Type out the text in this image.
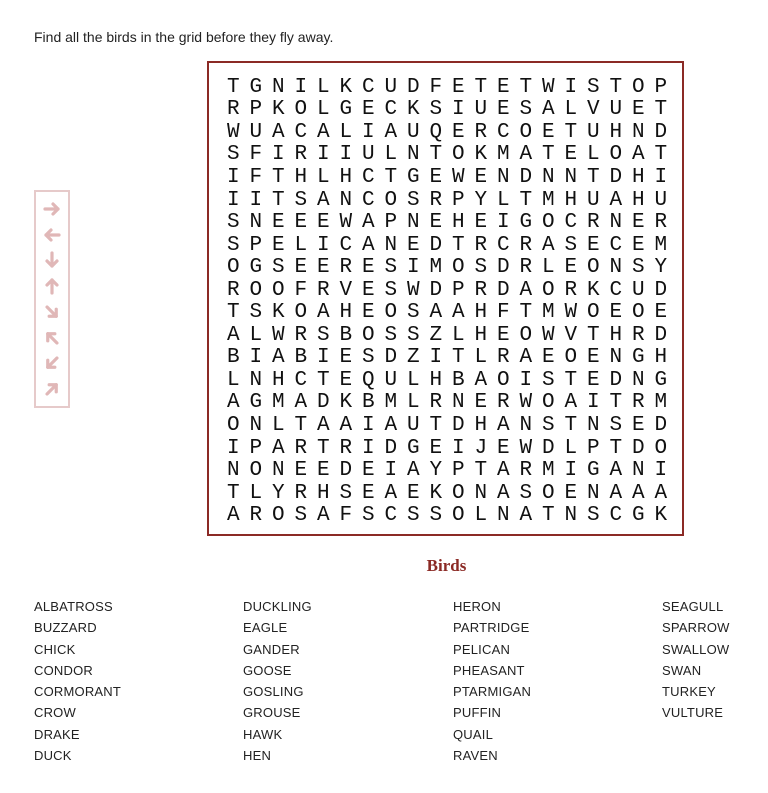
Find all the birds in the grid before they fly away.
T G N I L K C U D F E T E T W I S T O P
R P K O L G E C K S I U E S A L V U E T
W U A C A L I A U Q E R C O E T U H N D
S F I R I I U L N T O K M A T E L O A T
I F T H L H C T G E W E N D N N T D H I
I I T S A N C O S R P Y L T M H U A H U
S N E E E W A P N E H E I G O C R N E R
S P E L I C A N E D T R C R A S E C E M
O G S E E R E S I M O S D R L E O N S Y
R O O F R V E S W D P R D A O R K C U D
T S K O A H E O S A A H F T M W O E O E
A L W R S B O S S Z L H E O W V T H R D
B I A B I E S D Z I T L R A E O E N G H
L N H C T E Q U L H B A O I S T E D N G
A G M A D K B M L R N E R W O A I T R M
O N L T A A I A U T D H A N S T N S E D
I P A R T R I D G E I J E W D L P T D O
N O N E E D E I A Y P T A R M I G A N I
T L Y R H S E A E K O N A S O E N A A A
A R O S A F S C S S O L N A T N S C G K
Birds
ALBATROSS
BUZZARD
CHICK
CONDOR
CORMORANT
CROW
DRAKE
DUCK
DUCKLING
EAGLE
GANDER
GOOSE
GOSLING
GROUSE
HAWK
HEN
HERON
PARTRIDGE
PELICAN
PHEASANT
PTARMIGAN
PUFFIN
QUAIL
RAVEN
SEAGULL
SPARROW
SWALLOW
SWAN
TURKEY
VULTURE
